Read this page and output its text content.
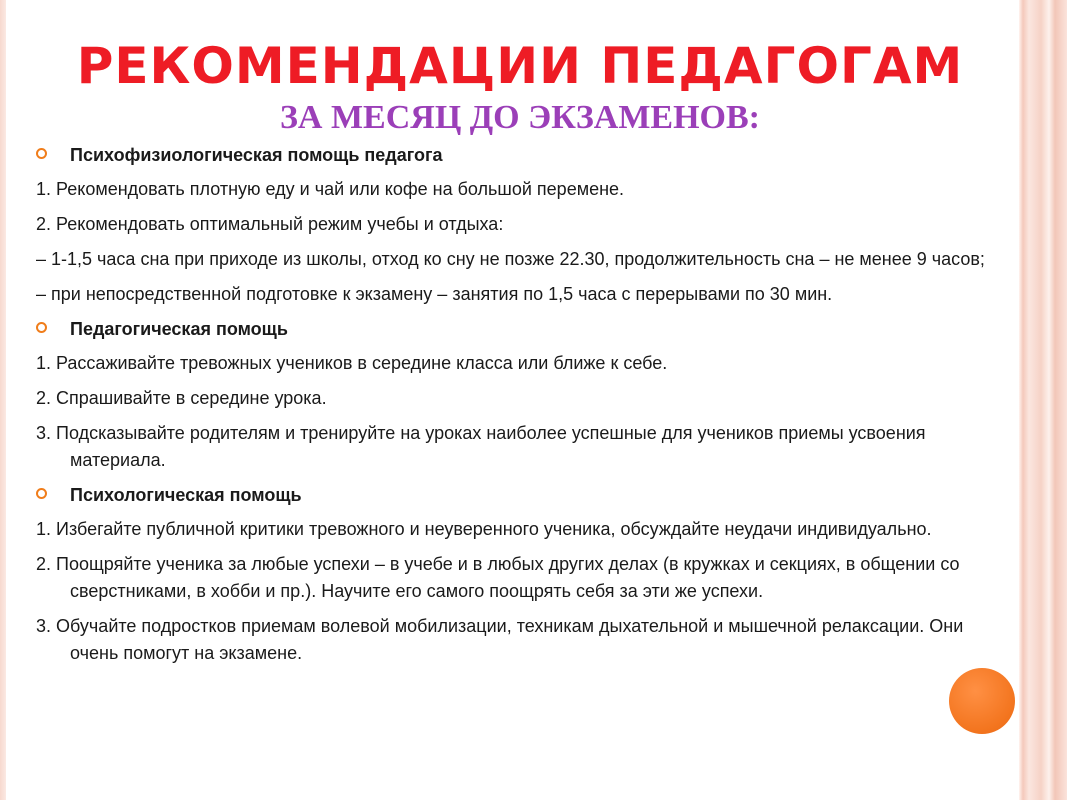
РЕКОМЕНДАЦИИ ПЕДАГОГАМ
ЗА МЕСЯЦ ДО ЭКЗАМЕНОВ:
Психофизиологическая помощь педагога

1. Рекомендовать плотную еду и чай или кофе на большой перемене.

2. Рекомендовать оптимальный режим учебы и отдыха:

– 1-1,5 часа сна при приходе из школы, отход ко сну не позже 22.30, продолжительность сна – не менее 9 часов;

– при непосредственной подготовке к экзамену – занятия по 1,5 часа с перерывами по 30 мин.

Педагогическая помощь

1. Рассаживайте тревожных учеников в середине класса или ближе к себе.

2. Спрашивайте в середине урока.

3. Подсказывайте родителям и тренируйте на уроках наиболее успешные для учеников приемы усвоения материала.

Психологическая помощь

1. Избегайте публичной критики тревожного и неуверенного ученика, обсуждайте неудачи индивидуально.

2. Поощряйте ученика за любые успехи – в учебе и в любых других делах (в кружках и секциях, в общении со сверстниками, в хобби и пр.). Научите его самого поощрять себя за эти же успехи.

3. Обучайте подростков приемам волевой мобилизации, техникам дыхательной и мышечной релаксации. Они очень помогут на экзамене.
